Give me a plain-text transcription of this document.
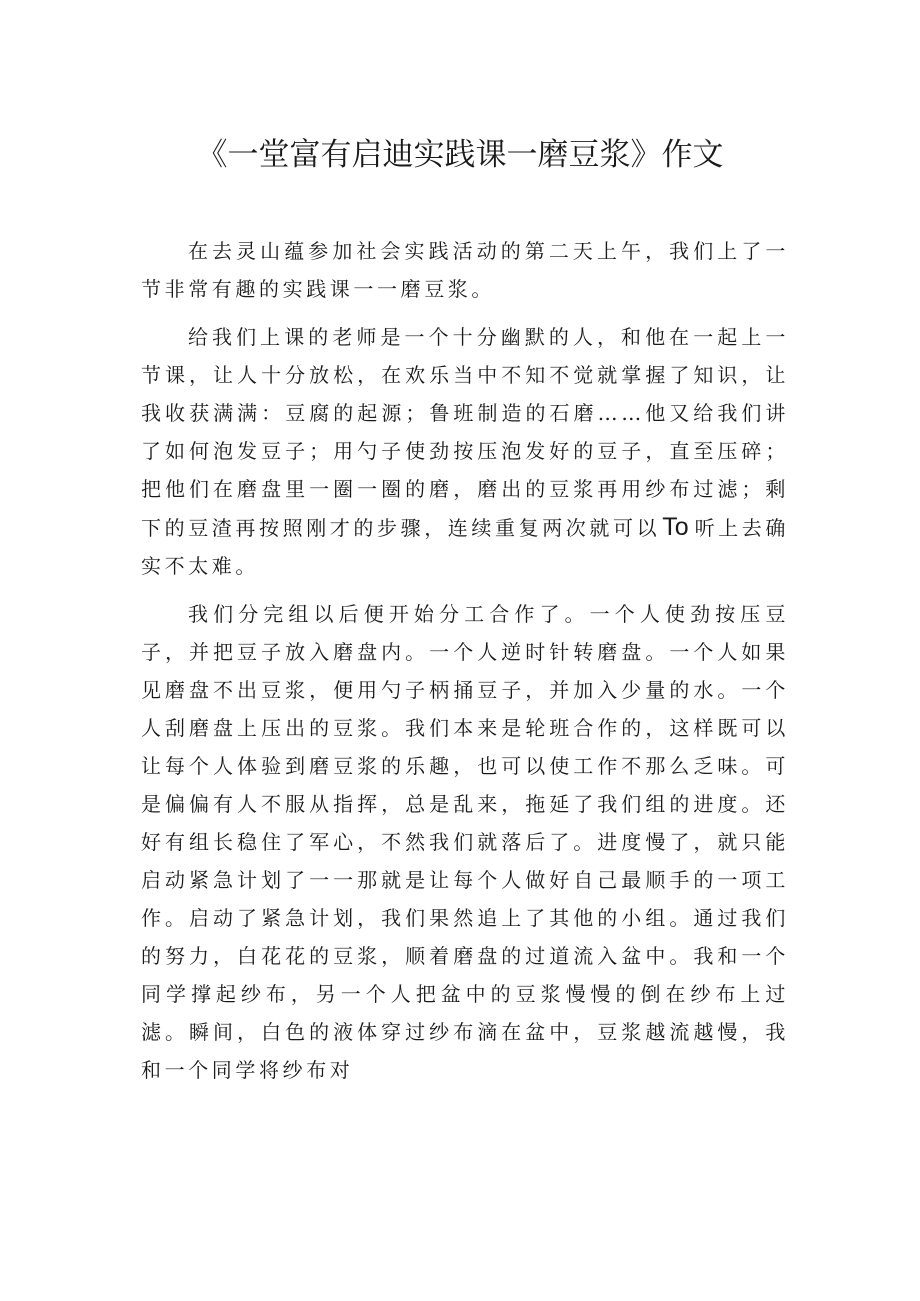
《一堂富有启迪实践课一磨豆浆》作文

在去灵山蕴参加社会实践活动的第二天上午，我们上了一节非常有趣的实践课一一磨豆浆。

给我们上课的老师是一个十分幽默的人，和他在一起上一节课，让人十分放松，在欢乐当中不知不觉就掌握了知识，让我收获满满：豆腐的起源；鲁班制造的石磨……他又给我们讲了如何泡发豆子；用勺子使劲按压泡发好的豆子，直至压碎；把他们在磨盘里一圈一圈的磨，磨出的豆浆再用纱布过滤；剩下的豆渣再按照刚才的步骤，连续重复两次就可以To 听上去确实不太难。

我们分完组以后便开始分工合作了。一个人使劲按压豆子，并把豆子放入磨盘内。一个人逆时针转磨盘。一个人如果见磨盘不出豆浆，便用勺子柄捅豆子，并加入少量的水。一个人刮磨盘上压出的豆浆。我们本来是轮班合作的，这样既可以让每个人体验到磨豆浆的乐趣，也可以使工作不那么乏味。可是偏偏有人不服从指挥，总是乱来，拖延了我们组的进度。还好有组长稳住了军心，不然我们就落后了。进度慢了，就只能启动紧急计划了一一那就是让每个人做好自己最顺手的一项工作。启动了紧急计划，我们果然追上了其他的小组。通过我们的努力，白花花的豆浆，顺着磨盘的过道流入盆中。我和一个同学撑起纱布，另一个人把盆中的豆浆慢慢的倒在纱布上过滤。瞬间，白色的液体穿过纱布滴在盆中，豆浆越流越慢，我和一个同学将纱布对
